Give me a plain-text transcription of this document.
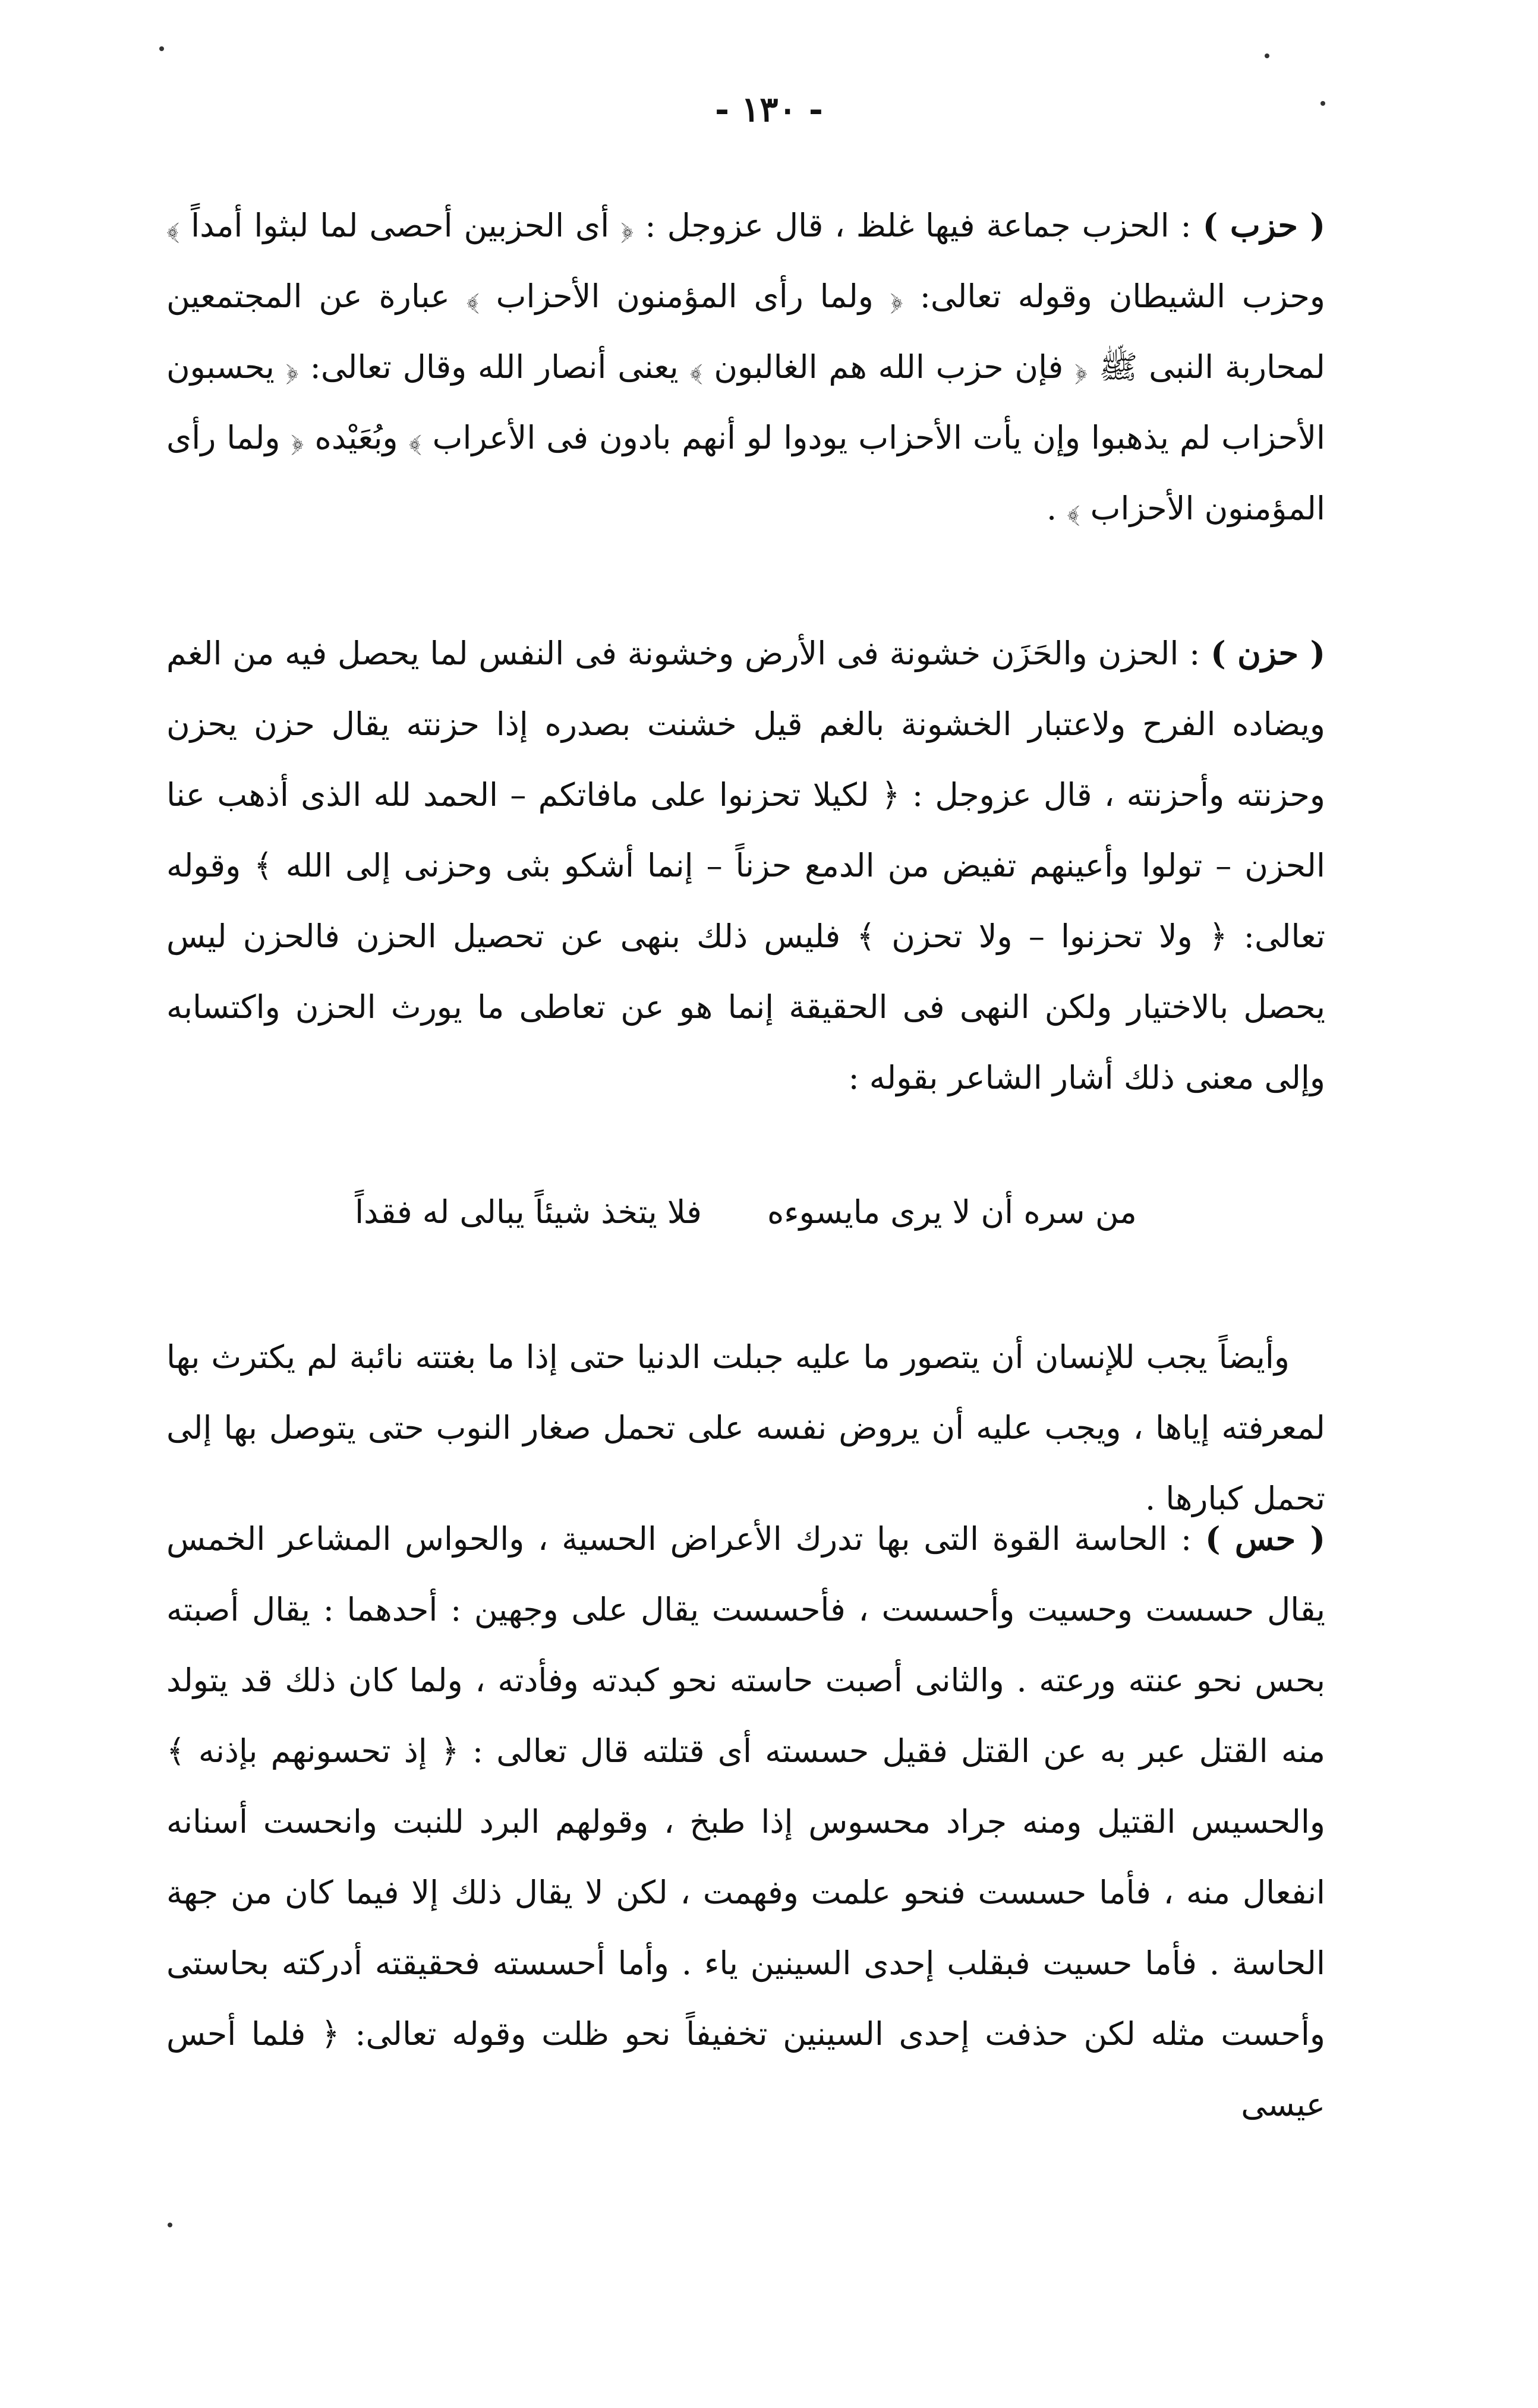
- ١٣٠ -

( حزب ) : الحزب جماعة فيها غلظ ، قال عزوجل : ﴿ أى الحزبين أحصى لما لبثوا أمداً ﴾ وحزب الشيطان وقوله تعالى: ﴿ ولما رأى المؤمنون الأحزاب ﴾ عبارة عن المجتمعين لمحاربة النبى ﷺ ﴿ فإن حزب الله هم الغالبون ﴾ يعنى أنصار الله وقال تعالى: ﴿ يحسبون الأحزاب لم يذهبوا وإن يأت الأحزاب يودوا لو أنهم بادون فى الأعراب ﴾ وبُعَيْده ﴿ ولما رأى المؤمنون الأحزاب ﴾ .

( حزن ) : الحزن والحَزَن خشونة فى الأرض وخشونة فى النفس لما يحصل فيه من الغم ويضاده الفرح ولاعتبار الخشونة بالغم قيل خشنت بصدره إذا حزنته يقال حزن يحزن وحزنته وأحزنته ، قال عزوجل : ﴿ لكيلا تحزنوا على مافاتكم – الحمد لله الذى أذهب عنا الحزن – تولوا وأعينهم تفيض من الدمع حزناً – إنما أشكو بثى وحزنى إلى الله ﴾ وقوله تعالى: ﴿ ولا تحزنوا – ولا تحزن ﴾ فليس ذلك بنهى عن تحصيل الحزن فالحزن ليس يحصل بالاختيار ولكن النهى فى الحقيقة إنما هو عن تعاطى ما يورث الحزن واكتسابه وإلى معنى ذلك أشار الشاعر بقوله :

من سره أن لا يرى مايسوءه
فلا يتخذ شيئاً يبالى له فقداً

وأيضاً يجب للإنسان أن يتصور ما عليه جبلت الدنيا حتى إذا ما بغتته نائبة لم يكترث بها لمعرفته إياها ، ويجب عليه أن يروض نفسه على تحمل صغار النوب حتى يتوصل بها إلى تحمل كبارها .

( حس ) : الحاسة القوة التى بها تدرك الأعراض الحسية ، والحواس المشاعر الخمس يقال حسست وحسيت وأحسست ، فأحسست يقال على وجهين : أحدهما : يقال أصبته بحس نحو عنته ورعته . والثانى أصبت حاسته نحو كبدته وفأدته ، ولما كان ذلك قد يتولد منه القتل عبر به عن القتل فقيل حسسته أى قتلته قال تعالى : ﴿ إذ تحسونهم بإذنه ﴾ والحسيس القتيل ومنه جراد محسوس إذا طبخ ، وقولهم البرد للنبت وانحست أسنانه انفعال منه ، فأما حسست فنحو علمت وفهمت ، لكن لا يقال ذلك إلا فيما كان من جهة الحاسة . فأما حسيت فبقلب إحدى السينين ياء . وأما أحسسته فحقيقته أدركته بحاستى وأحست مثله لكن حذفت إحدى السينين تخفيفاً نحو ظلت وقوله تعالى: ﴿ فلما أحس عيسى
